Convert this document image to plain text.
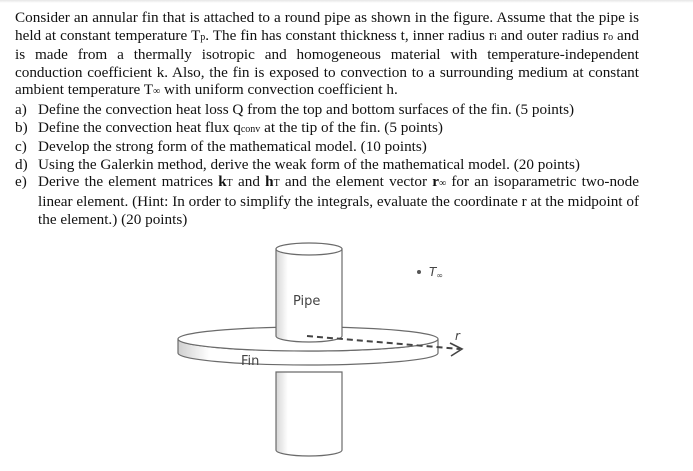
Consider an annular fin that is attached to a round pipe as shown in the figure. Assume that the pipe is held at constant temperature Tp. The fin has constant thickness t, inner radius ri and outer radius ro and is made from a thermally isotropic and homogeneous material with temperature-independent conduction coefficient k. Also, the fin is exposed to convection to a surrounding medium at constant ambient temperature T∞ with uniform convection coefficient h.

a) Define the convection heat loss Q from the top and bottom surfaces of the fin. (5 points)
b) Define the convection heat flux qconv at the tip of the fin. (5 points)
c) Develop the strong form of the mathematical model. (10 points)
d) Using the Galerkin method, derive the weak form of the mathematical model. (20 points)
e) Derive the element matrices kT and hT and the element vector r∞ for an isoparametric two-node linear element. (Hint: In order to simplify the integrals, evaluate the coordinate r at the midpoint of the element.) (20 points)
Pipe
Fin
r
T∞
